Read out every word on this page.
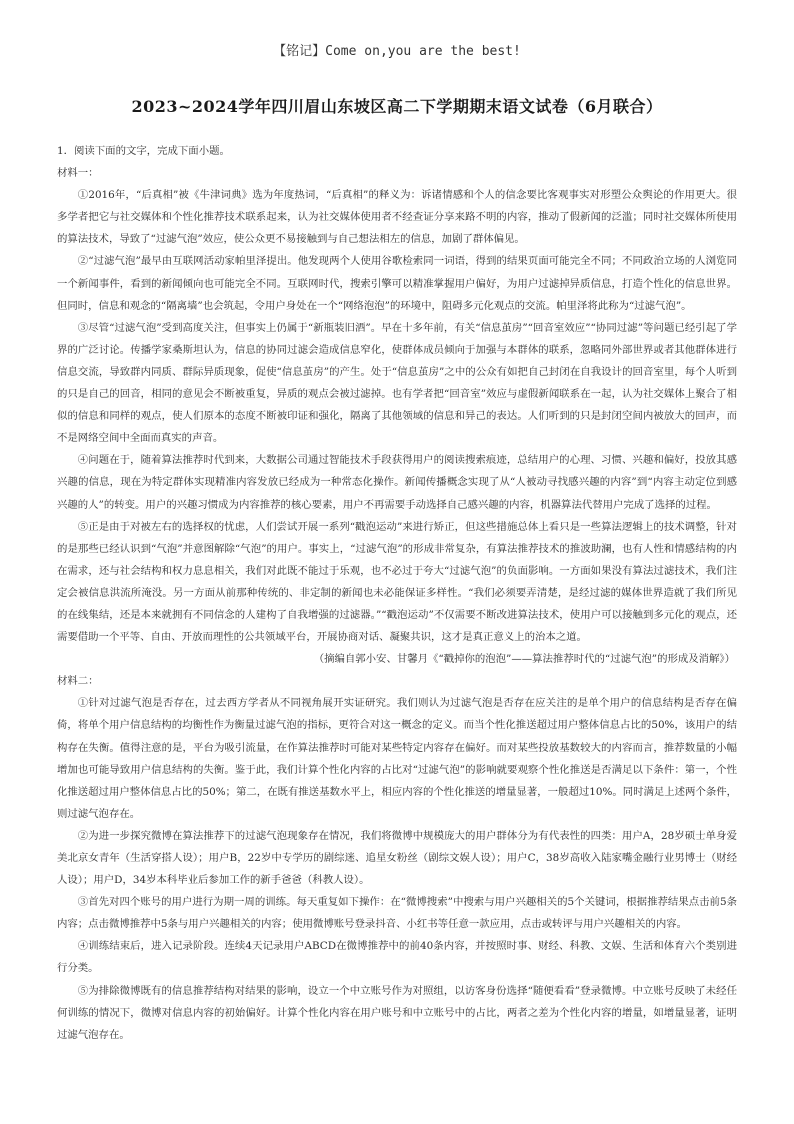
【铭记】Come on,you are the best!
2023~2024学年四川眉山东坡区高二下学期期末语文试卷（6月联合）

1．阅读下面的文字，完成下面小题。

材料一：

①2016年，“后真相”被《牛津词典》选为年度热词，“后真相”的释义为：诉诸情感和个人的信念要比客观事实对形塑公众舆论的作用更大。很多学者把它与社交媒体和个性化推荐技术联系起来，认为社交媒体使用者不经查证分享来路不明的内容，推动了假新闻的泛滥；同时社交媒体所使用的算法技术，导致了“过滤气泡”效应，使公众更不易接触到与自己想法相左的信息，加剧了群体偏见。

②“过滤气泡”最早由互联网活动家帕里泽提出。他发现两个人使用谷歌检索同一词语，得到的结果页面可能完全不同；不同政治立场的人浏览同一个新闻事件，看到的新闻倾向也可能完全不同。互联网时代，搜索引擎可以精准掌握用户偏好，为用户过滤掉异质信息，打造个性化的信息世界。但同时，信息和观念的“隔离墙”也会筑起，令用户身处在一个“网络泡泡”的环境中，阻碍多元化观点的交流。帕里泽将此称为“过滤气泡”。

③尽管“过滤气泡”受到高度关注，但事实上仍属于“新瓶装旧酒”。早在十多年前，有关“信息茧房”“回音室效应”“协同过滤”等问题已经引起了学界的广泛讨论。传播学家桑斯坦认为，信息的协同过滤会造成信息窄化，使群体成员倾向于加强与本群体的联系，忽略同外部世界或者其他群体进行信息交流，导致群内同质、群际异质现象，促使“信息茧房”的产生。处于“信息茧房”之中的公众有如把自己封闭在自我设计的回音室里，每个人听到的只是自己的回音，相同的意见会不断被重复，异质的观点会被过滤掉。也有学者把“回音室”效应与虚假新闻联系在一起，认为社交媒体上聚合了相似的信息和同样的观点，使人们原本的态度不断被印证和强化，隔离了其他领域的信息和异己的表达。人们听到的只是封闭空间内被放大的回声，而不是网络空间中全面而真实的声音。

④问题在于，随着算法推荐时代到来，大数据公司通过智能技术手段获得用户的阅读搜索痕迹，总结用户的心理、习惯、兴趣和偏好，投放其感兴趣的信息，现在为特定群体实现精准内容发放已经成为一种常态化操作。新闻传播概念实现了从“人被动寻找感兴趣的内容”到“内容主动定位到感兴趣的人”的转变。用户的兴趣习惯成为内容推荐的核心要素，用户不再需要手动选择自己感兴趣的内容，机器算法代替用户完成了选择的过程。

⑤正是由于对被左右的选择权的忧虑，人们尝试开展一系列“戳泡运动”来进行矫正，但这些措施总体上看只是一些算法逻辑上的技术调整，针对的是那些已经认识到“气泡”并意图解除“气泡”的用户。事实上，“过滤气泡”的形成非常复杂，有算法推荐技术的推波助澜，也有人性和情感结构的内在需求，还与社会结构和权力息息相关，我们对此既不能过于乐观，也不必过于夸大“过滤气泡”的负面影响。一方面如果没有算法过滤技术，我们注定会被信息洪流所淹没。另一方面从前那种传统的、非定制的新闻也未必能保证多样性。“我们必须要弄清楚，是经过滤的媒体世界造就了我们所见的在线集结，还是本来就拥有不同信念的人建构了自我增强的过滤器。”“戳泡运动”不仅需要不断改进算法技术，使用户可以接触到多元化的观点，还需要借助一个平等、自由、开放而理性的公共领域平台，开展协商对话、凝聚共识，这才是真正意义上的治本之道。

（摘编自郭小安、甘馨月《“戳掉你的泡泡”——算法推荐时代的“过滤气泡”的形成及消解》）

材料二：

①针对过滤气泡是否存在，过去西方学者从不同视角展开实证研究。我们则认为过滤气泡是否存在应关注的是单个用户的信息结构是否存在偏倚，将单个用户信息结构的均衡性作为衡量过滤气泡的指标，更符合对这一概念的定义。而当个性化推送超过用户整体信息占比的50%，该用户的结构存在失衡。值得注意的是，平台为吸引流量，在作算法推荐时可能对某些特定内容存在偏好。而对某些投放基数较大的内容而言，推荐数量的小幅增加也可能导致用户信息结构的失衡。鉴于此，我们计算个性化内容的占比对“过滤气泡”的影响就要观察个性化推送是否满足以下条件：第一，个性化推送超过用户整体信息占比的50%；第二，在既有推送基数水平上，相应内容的个性化推送的增量显著，一般超过10%。同时满足上述两个条件，则过滤气泡存在。

②为进一步探究微博在算法推荐下的过滤气泡现象存在情况，我们将微博中规模庞大的用户群体分为有代表性的四类：用户A，28岁硕士单身爱美北京女青年（生活穿搭人设）；用户B，22岁中专学历的剧综迷、追星女粉丝（剧综文娱人设）；用户C，38岁高收入陆家嘴金融行业男博士（财经人设）；用户D，34岁本科毕业后参加工作的新手爸爸（科教人设）。

③首先对四个账号的用户进行为期一周的训练。每天重复如下操作：在“微博搜索”中搜索与用户兴趣相关的5个关键词，根据推荐结果点击前5条内容；点击微博推荐中5条与用户兴趣相关的内容；使用微博账号登录抖音、小红书等任意一款应用，点击或转评与用户兴趣相关的内容。

④训练结束后，进入记录阶段。连续4天记录用户ABCD在微博推荐中的前40条内容，并按照时事、财经、科教、文娱、生活和体育六个类别进行分类。

⑤为排除微博既有的信息推荐结构对结果的影响，设立一个中立账号作为对照组，以访客身份选择“随便看看”登录微博。中立账号反映了未经任何训练的情况下，微博对信息内容的初始偏好。计算个性化内容在用户账号和中立账号中的占比，两者之差为个性化内容的增量，如增量显著，证明过滤气泡存在。
